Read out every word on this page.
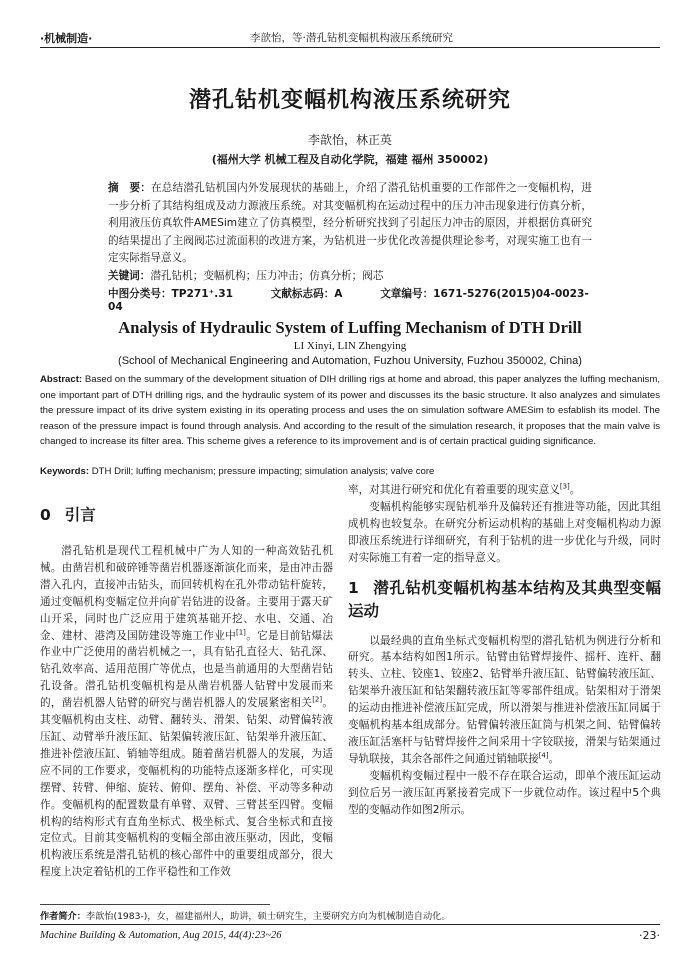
·机械制造·	李歆怡，等·潜孔钻机变幅机构液压系统研究
潜孔钻机变幅机构液压系统研究
李歆怡，林正英
(福州大学 机械工程及自动化学院，福建 福州 350002)
摘　要：在总结潜孔钻机国内外发展现状的基础上，介绍了潜孔钻机重要的工作部件之一变幅机构，进一步分析了其结构组成及动力源液压系统。对其变幅机构在运动过程中的压力冲击现象进行仿真分析，利用液压仿真软件AMESim建立了仿真模型，经分析研究找到了引起压力冲击的原因，并根据仿真研究的结果提出了主阀阀芯过流面积的改进方案，为钻机进一步优化改善提供理论参考，对现实施工也有一定实际指导意义。
关键词：潜孔钻机；变幅机构；压力冲击；仿真分析；阀芯
中图分类号：TP271⁺.31	文献标志码：A	文章编号：1671-5276(2015)04-0023-04
Analysis of Hydraulic System of Luffing Mechanism of DTH Drill
LI Xinyi, LIN Zhengying
(School of Mechanical Engineering and Automation, Fuzhou University, Fuzhou 350002, China)
Abstract: Based on the summary of the development situation of DIH drilling rigs at home and abroad, this paper analyzes the luffing mechanism, one important part of DTH drilling rigs, and the hydraulic system of its power and discusses its the basic structure. It also analyzes and simulates the pressure impact of its drive system existing in its operating process and uses the on simulation software AMESim to esfablish its model. The reason of the pressure impact is found through analysis. And according to the result of the simulation research, it proposes that the main valve is changed to increase its filter area. This scheme gives a reference to its improvement and is of certain practical guiding significance.
Keywords: DTH Drill; luffing mechanism; pressure impacting; simulation analysis; valve core
0 引言

潜孔钻机是现代工程机械中广为人知的一种高效钻孔机械。由凿岩机和破碎锤等凿岩机器逐渐演化而来，是由冲击器潜入孔内，直接冲击钻头，而回转机构在孔外带动钻杆旋转，通过变幅机构变幅定位并向矿岩钻进的设备。主要用于露天矿山开采，同时也广泛应用于建筑基础开挖、水电、交通、冶金、建材、港湾及国防建设等施工作业中[1]。它是目前钻爆法作业中广泛使用的凿岩机械之一，具有钻孔直径大、钻孔深、钻孔效率高、适用范围广等优点，也是当前通用的大型凿岩钻孔设备。潜孔钻机变幅机构是从凿岩机器人钻臂中发展而来的，凿岩机器人钻臂的研究与凿岩机器人的发展紧密相关[2]。其变幅机构由支柱、动臂、翻转头、滑架、钻架、动臂偏转液压缸、动臂举升液压缸、钻架偏转液压缸、钻架举升液压缸、推进补偿液压缸、销轴等组成。随着凿岩机器人的发展，为适应不同的工作要求，变幅机构的功能特点逐渐多样化，可实现摆臂、转臂、伸缩、旋转、俯仰、摆角、补偿、平动等多种动作。变幅机构的配置数量有单臂、双臂、三臂甚至四臂。变幅机构的结构形式有直角坐标式、极坐标式、复合坐标式和直接定位式。目前其变幅机构的变幅全部由液压驱动，因此，变幅机构液压系统是潜孔钻机的核心部件中的重要组成部分，很大程度上决定着钻机的工作平稳性和工作效

率，对其进行研究和优化有着重要的现实意义[3]。

变幅机构能够实现钻机举升及偏转还有推进等功能，因此其组成机构也较复杂。在研究分析运动机构的基础上对变幅机构动力源即液压系统进行详细研究，有利于钻机的进一步优化与升级，同时对实际施工有着一定的指导意义。

1 潜孔钻机变幅机构基本结构及其典型变幅运动

以最经典的直角坐标式变幅机构型的潜孔钻机为例进行分析和研究。基本结构如图1所示。钻臂由钻臂焊接件、摇杆、连杆、翻转头、立柱、铰座1、铰座2、钻臂举升液压缸、钻臂偏转液压缸、钻架举升液压缸和钻架翻转液压缸等零部件组成。钻架相对于滑架的运动由推进补偿液压缸完成，所以滑架与推进补偿液压缸同属于变幅机构基本组成部分。钻臂偏转液压缸筒与机架之间、钻臂偏转液压缸活塞杆与钻臂焊接件之间采用十字铰联接，滑架与钻架通过导轨联接，其余各部件之间通过销轴联接[4]。

变幅机构变幅过程中一般不存在联合运动，即单个液压缸运动到位后另一液压缸再紧接着完成下一步就位动作。该过程中5个典型的变幅动作如图2所示。

作者简介：李歆怡(1983-)，女，福建福州人，助讲，硕士研究生，主要研究方向为机械制造自动化。
Machine Building & Automation, Aug 2015, 44(4):23~26	·23·
